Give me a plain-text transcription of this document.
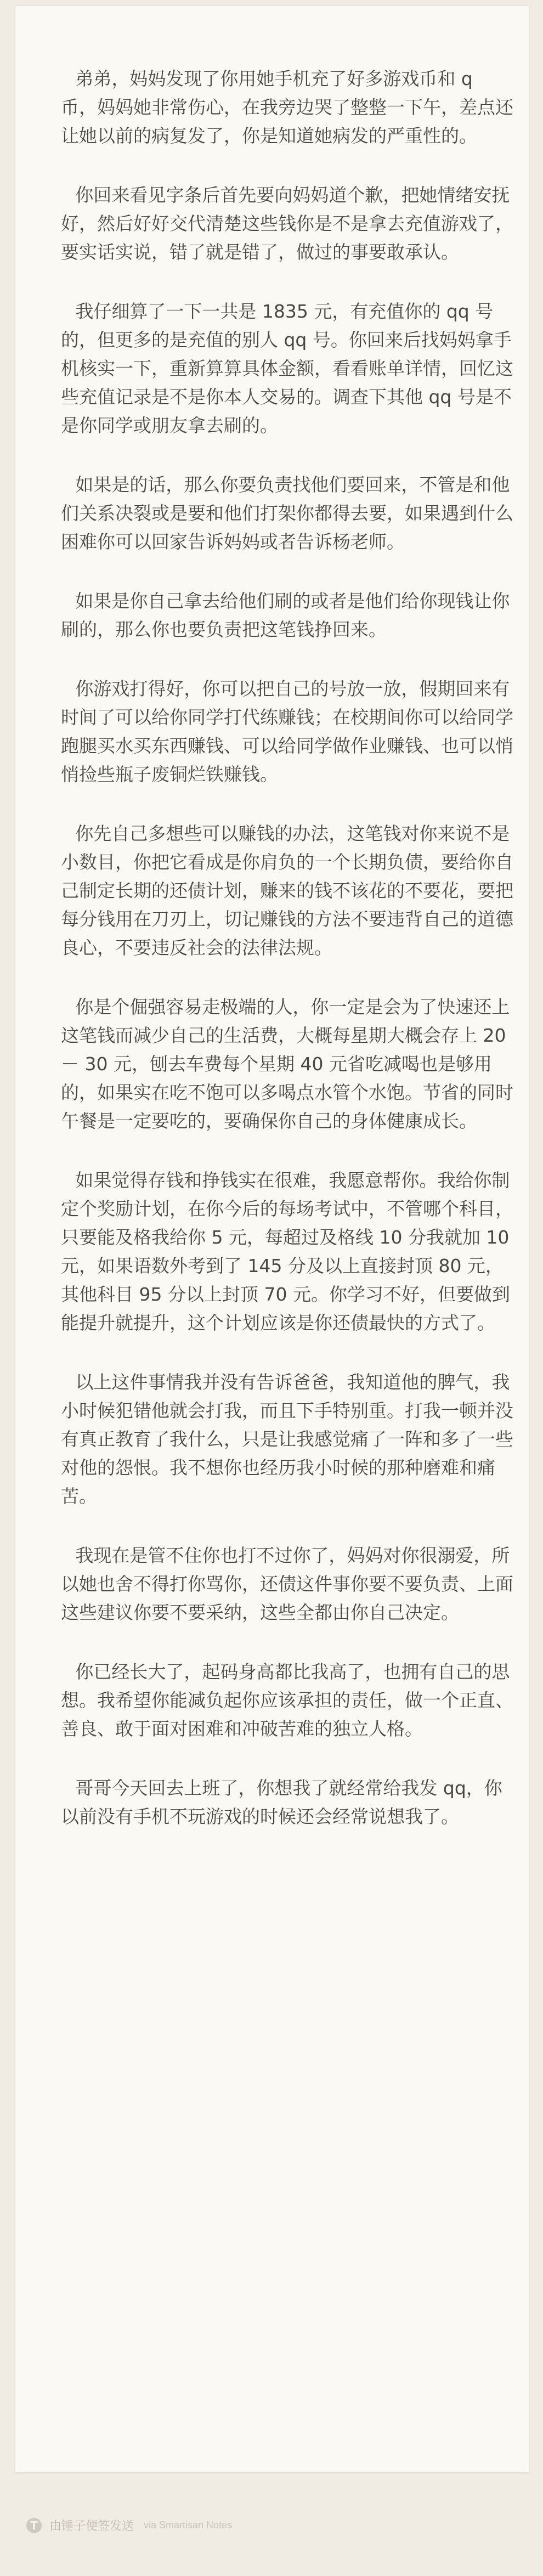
弟弟，妈妈发现了你用她手机充了好多游戏币和 q 币，妈妈她非常伤心，在我旁边哭了整整一下午，差点还让她以前的病复发了，你是知道她病发的严重性的。

你回来看见字条后首先要向妈妈道个歉，把她情绪安抚好，然后好好交代清楚这些钱你是不是拿去充值游戏了，要实话实说，错了就是错了，做过的事要敢承认。

我仔细算了一下一共是 1835 元，有充值你的 qq 号的，但更多的是充值的别人 qq 号。你回来后找妈妈拿手机核实一下，重新算算具体金额，看看账单详情，回忆这些充值记录是不是你本人交易的。调查下其他 qq 号是不是你同学或朋友拿去刷的。

如果是的话，那么你要负责找他们要回来，不管是和他们关系决裂或是要和他们打架你都得去要，如果遇到什么困难你可以回家告诉妈妈或者告诉杨老师。

如果是你自己拿去给他们刷的或者是他们给你现钱让你刷的，那么你也要负责把这笔钱挣回来。

你游戏打得好，你可以把自己的号放一放，假期回来有时间了可以给你同学打代练赚钱；在校期间你可以给同学跑腿买水买东西赚钱、可以给同学做作业赚钱、也可以悄悄捡些瓶子废铜烂铁赚钱。

你先自己多想些可以赚钱的办法，这笔钱对你来说不是小数目，你把它看成是你肩负的一个长期负债，要给你自己制定长期的还债计划，赚来的钱不该花的不要花，要把每分钱用在刀刃上，切记赚钱的方法不要违背自己的道德良心，不要违反社会的法律法规。

你是个倔强容易走极端的人，你一定是会为了快速还上这笔钱而减少自己的生活费，大概每星期大概会存上 20 － 30 元，刨去车费每个星期 40 元省吃减喝也是够用的，如果实在吃不饱可以多喝点水管个水饱。节省的同时午餐是一定要吃的，要确保你自己的身体健康成长。

如果觉得存钱和挣钱实在很难，我愿意帮你。我给你制定个奖励计划，在你今后的每场考试中，不管哪个科目，只要能及格我给你 5 元，每超过及格线 10 分我就加 10 元，如果语数外考到了 145 分及以上直接封顶 80 元，其他科目 95 分以上封顶 70 元。你学习不好，但要做到能提升就提升，这个计划应该是你还债最快的方式了。

以上这件事情我并没有告诉爸爸，我知道他的脾气，我小时候犯错他就会打我，而且下手特别重。打我一顿并没有真正教育了我什么，只是让我感觉痛了一阵和多了一些对他的怨恨。我不想你也经历我小时候的那种磨难和痛苦。

我现在是管不住你也打不过你了，妈妈对你很溺爱，所以她也舍不得打你骂你，还债这件事你要不要负责、上面这些建议你要不要采纳，这些全都由你自己决定。

你已经长大了，起码身高都比我高了，也拥有自己的思想。我希望你能减负起你应该承担的责任，做一个正直、善良、敢于面对困难和冲破苦难的独立人格。

哥哥今天回去上班了，你想我了就经常给我发 qq，你以前没有手机不玩游戏的时候还会经常说想我了。

T 由锤子便签发送 via Smartisan Notes
